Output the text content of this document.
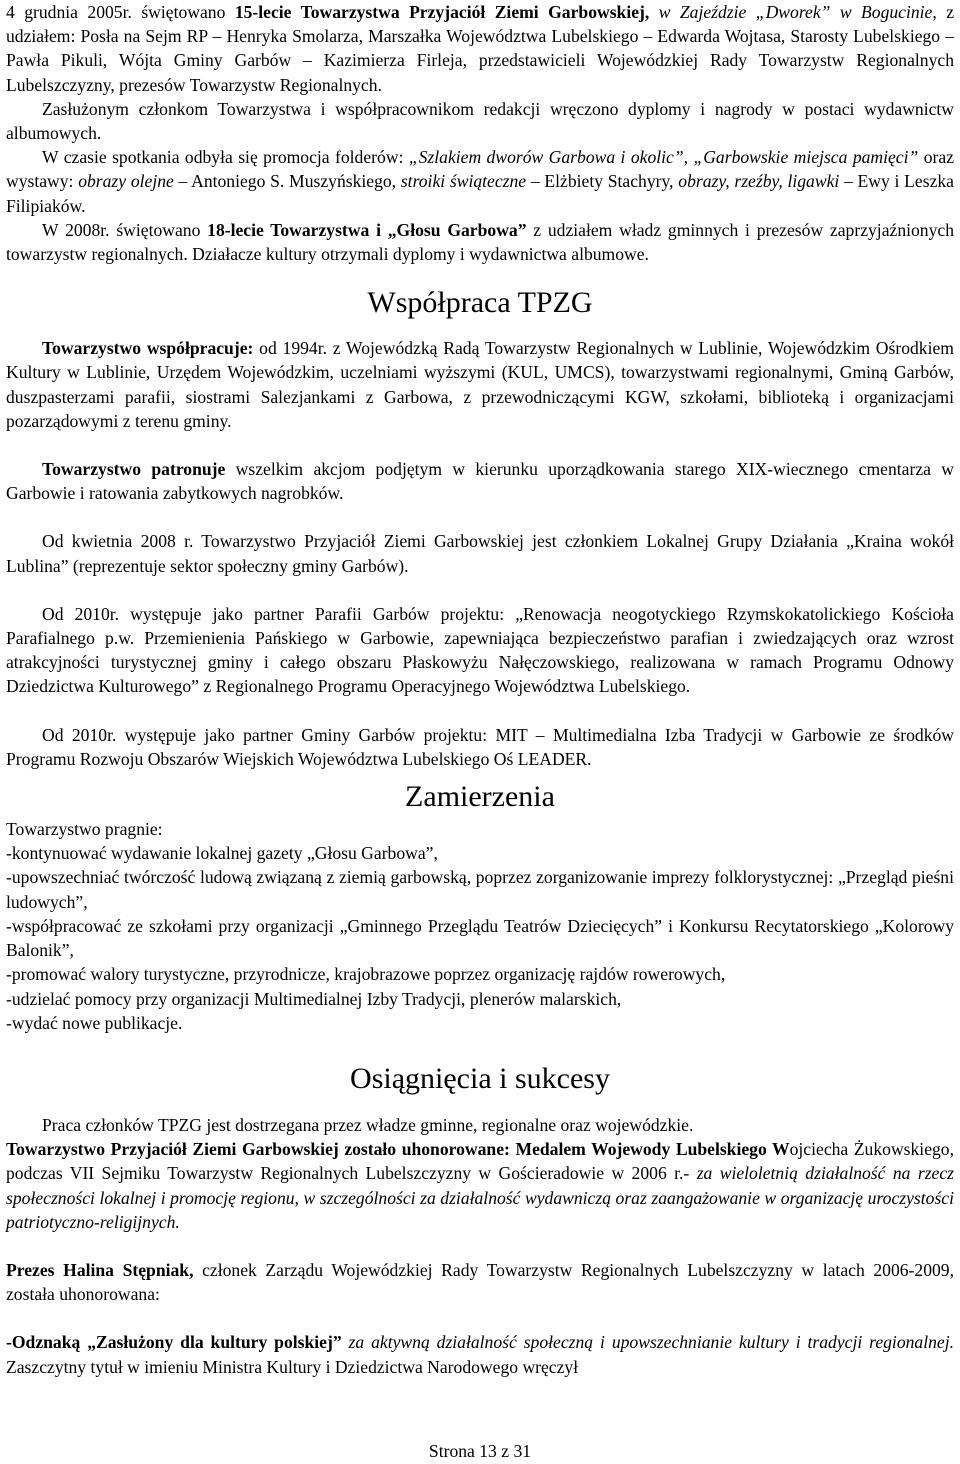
4 grudnia 2005r. świętowano 15-lecie Towarzystwa Przyjaciół Ziemi Garbowskiej, w Zajeździe „Dworek” w Bogucinie, z udziałem: Posła na Sejm RP – Henryka Smolarza, Marszałka Województwa Lubelskiego – Edwarda Wojtasa, Starosty Lubelskiego – Pawła Pikuli, Wójta Gminy Garbów – Kazimierza Firleja, przedstawicieli Wojewódzkiej Rady Towarzystw Regionalnych Lubelszczyzny, prezesów Towarzystw Regionalnych.

Zasłużonym członkom Towarzystwa i współpracownikom redakcji wręczono dyplomy i nagrody w postaci wydawnictw albumowych.

W czasie spotkania odbyła się promocja folderów: „Szlakiem dworów Garbowa i okolic”, „Garbowskie miejsca pamięci” oraz wystawy: obrazy olejne – Antoniego S. Muszyńskiego, stroiki świąteczne – Elżbiety Stachyry, obrazy, rzeźby, ligawki – Ewy i Leszka Filipiaków.

W 2008r. świętowano 18-lecie Towarzystwa i „Głosu Garbowa” z udziałem władz gminnych i prezesów zaprzyjaźnionych towarzystw regionalnych. Działacze kultury otrzymali dyplomy i wydawnictwa albumowe.

Współpraca TPZG

Towarzystwo współpracuje: od 1994r. z Wojewódzką Radą Towarzystw Regionalnych w Lublinie, Wojewódzkim Ośrodkiem Kultury w Lublinie, Urzędem Wojewódzkim, uczelniami wyższymi (KUL, UMCS), towarzystwami regionalnymi, Gminą Garbów, duszpasterzami parafii, siostrami Salezjankami z Garbowa, z przewodniczącymi KGW, szkołami, biblioteką i organizacjami pozarządowymi z terenu gminy.

Towarzystwo patronuje wszelkim akcjom podjętym w kierunku uporządkowania starego XIX-wiecznego cmentarza w Garbowie i ratowania zabytkowych nagrobków.

Od kwietnia 2008 r. Towarzystwo Przyjaciół Ziemi Garbowskiej jest członkiem Lokalnej Grupy Działania „Kraina wokół Lublina” (reprezentuje sektor społeczny gminy Garbów).

Od 2010r. występuje jako partner Parafii Garbów projektu: „Renowacja neogotyckiego Rzymskokatolickiego Kościoła Parafialnego p.w. Przemienienia Pańskiego w Garbowie, zapewniająca bezpieczeństwo parafian i zwiedzających oraz wzrost atrakcyjności turystycznej gminy i całego obszaru Płaskowyżu Nałęczowskiego, realizowana w ramach Programu Odnowy Dziedzictwa Kulturowego” z Regionalnego Programu Operacyjnego Województwa Lubelskiego.

Od 2010r. występuje jako partner Gminy Garbów projektu: MIT – Multimedialna Izba Tradycji w Garbowie ze środków Programu Rozwoju Obszarów Wiejskich Województwa Lubelskiego Oś LEADER.

Zamierzenia

Towarzystwo pragnie:

-kontynuować wydawanie lokalnej gazety „Głosu Garbowa”,

-upowszechniać twórczość ludową związaną z ziemią garbowską, poprzez zorganizowanie imprezy folklorystycznej: „Przegląd pieśni ludowych”,

-współpracować ze szkołami przy organizacji „Gminnego Przeglądu Teatrów Dziecięcych” i Konkursu Recytatorskiego „Kolorowy Balonik”,

-promować walory turystyczne, przyrodnicze, krajobrazowe poprzez organizację rajdów rowerowych,

-udzielać pomocy przy organizacji Multimedialnej Izby Tradycji, plenerów malarskich,

-wydać nowe publikacje.

Osiągnięcia i sukcesy

Praca członków TPZG jest dostrzegana przez władze gminne, regionalne oraz wojewódzkie.

Towarzystwo Przyjaciół Ziemi Garbowskiej zostało uhonorowane: Medalem Wojewody Lubelskiego Wojciecha Żukowskiego, podczas VII Sejmiku Towarzystw Regionalnych Lubelszczyzny w Gościeradowie w 2006 r.- za wieloletnią działalność na rzecz społeczności lokalnej i promocję regionu, w szczególności za działalność wydawniczą oraz zaangażowanie w organizację uroczystości patriotyczno-religijnych.

Prezes Halina Stępniak, członek Zarządu Wojewódzkiej Rady Towarzystw Regionalnych Lubelszczyzny w latach 2006-2009, została uhonorowana:

-Odznaką „Zasłużony dla kultury polskiej” za aktywną działalność społeczną i upowszechnianie kultury i tradycji regionalnej. Zaszczytny tytuł w imieniu Ministra Kultury i Dziedzictwa Narodowego wręczył

Strona 13 z 31
